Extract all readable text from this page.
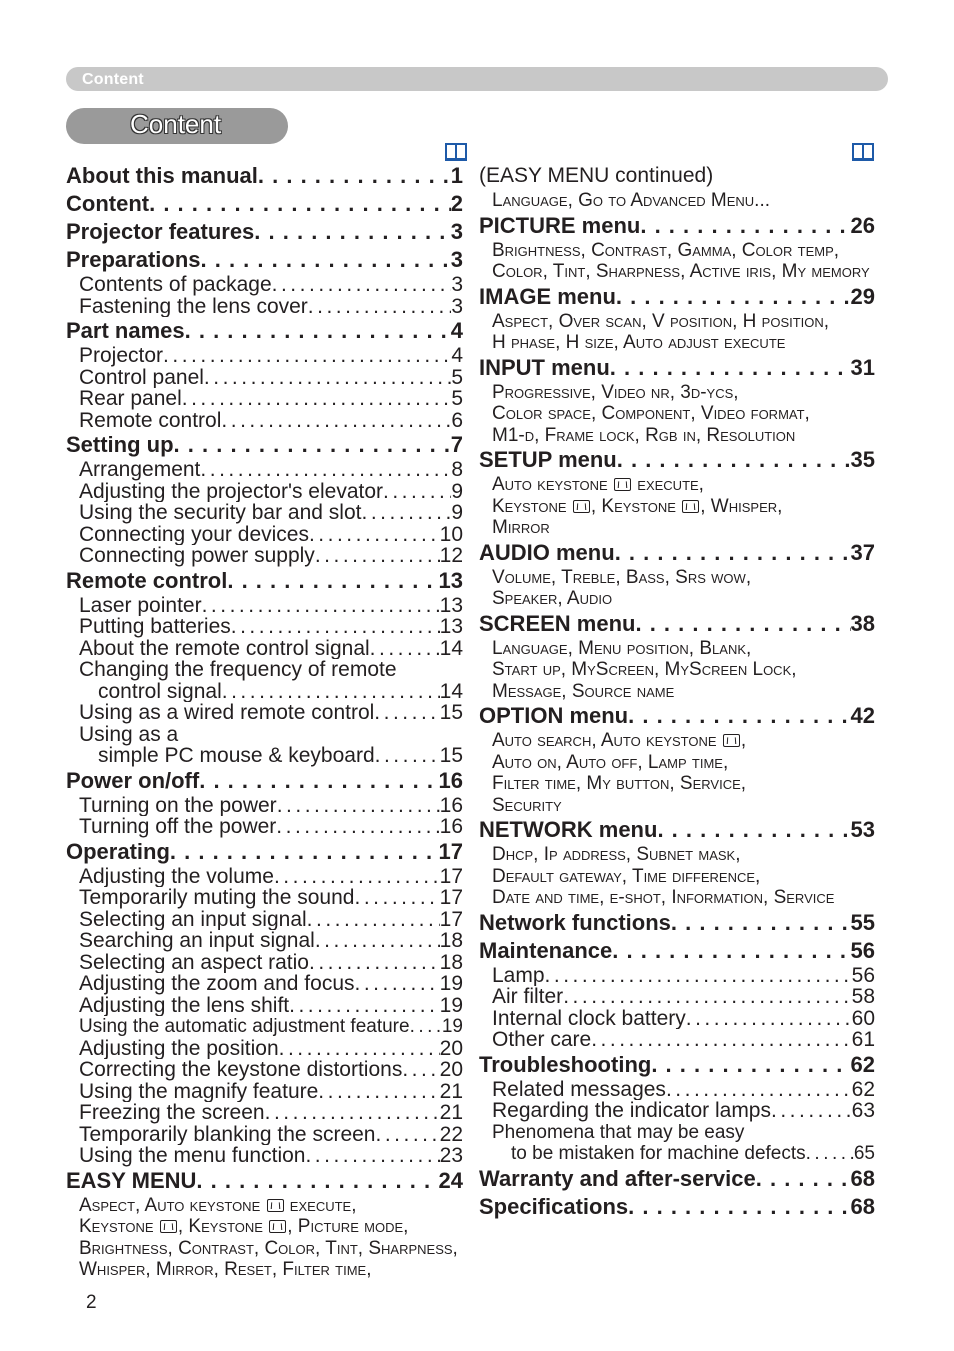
Content
Content
About this manual . . .	1
Content . . .	2
Projector features . . .	3
Preparations . . .	3
Contents of package .....	3
Fastening the lens cover .....	3
Part names . . .	4
Projector .....	4
Control panel .....	5
Rear panel .....	5
Remote control .....	6
Setting up . . .	7
Arrangement .....	8
Adjusting the projector's elevator .....	9
Using the security bar and slot .....	9
Connecting your devices .....	10
Connecting power supply .....	12
Remote control . . .	13
Laser pointer .....	13
Putting batteries .....	13
About the remote control signal .....	14
Changing the frequency of remote
control signal .....	14
Using as a wired remote control .....	15
Using as a
simple PC mouse & keyboard .....	15
Power on/off . . .	16
Turning on the power .....	16
Turning off the power .....	16
Operating . . .	17
Adjusting the volume .....	17
Temporarily muting the sound .....	17
Selecting an input signal .....	17
Searching an input signal .....	18
Selecting an aspect ratio .....	18
Adjusting the zoom and focus .....	19
Adjusting the lens shift .....	19
Using the automatic adjustment feature ..... 19
Adjusting the position .....	20
Correcting the keystone distortions ..... 20
Using the magnify feature .....	21
Freezing the screen .....	21
Temporarily blanking the screen .....	22
Using the menu function .....	23
EASY MENU . . .	24
Aspect, Auto keystone  execute,
Keystone , Keystone , Picture mode,
Brightness, Contrast, Color, Tint, Sharpness,
Whisper, Mirror, Reset, Filter time,
(EASY MENU continued)
Language, Go to Advanced Menu...
PICTURE menu . . .	26
Brightness, Contrast, Gamma, Color temp,
Color, Tint, Sharpness, Active iris, My memory
IMAGE menu . . .	29
Aspect, Over scan, V position, H position,
H phase, H size, Auto adjust execute
INPUT menu . . .	31
Progressive, Video nr, 3d-ycs,
Color space, Component, Video format,
M1-d, Frame lock, Rgb in, Resolution
SETUP menu . . .	35
Auto keystone  execute,
Keystone , Keystone , Whisper,
Mirror
AUDIO menu . . .	37
Volume, Treble, Bass, Srs wow,
Speaker, Audio
SCREEN menu . . .	38
Language, Menu position, Blank,
Start up, MyScreen, MyScreen Lock,
Message, Source name
OPTION menu . . .	42
Auto search, Auto keystone ,
Auto on, Auto off, Lamp time,
Filter time, My button, Service,
Security
NETWORK menu . . .	53
Dhcp, Ip address, Subnet mask,
Default gateway, Time difference,
Date and time, e-shot, Information, Service
Network functions . . .	55
Maintenance . . .	56
Lamp .....	56
Air filter .....	58
Internal clock battery .....	60
Other care .....	61
Troubleshooting . . .	62
Related messages .....	62
Regarding the indicator lamps .....	63
Phenomena that may be easy
to be mistaken for machine defects .....	65
Warranty and after-service . . .	68
Specifications . . .	68
2
